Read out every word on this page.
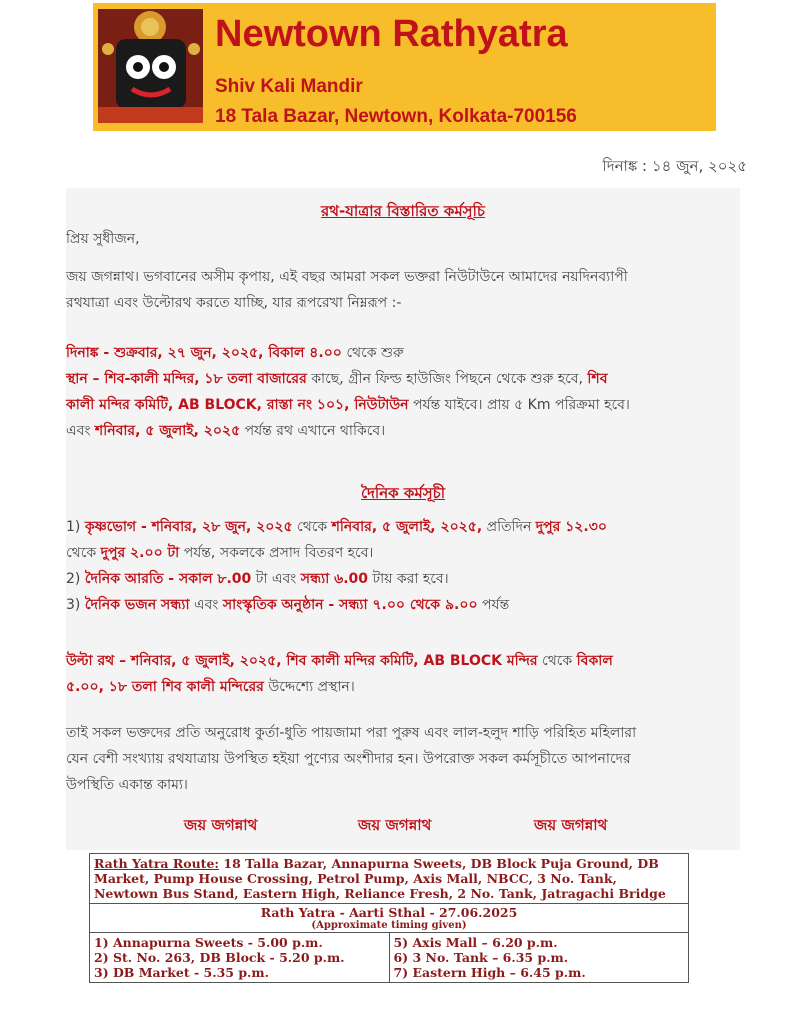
Newtown Rathyatra
Shiv Kali Mandir
18 Tala Bazar, Newtown, Kolkata-700156
দিনাঙ্ক : ১৪ জুন, ২০২৫
রথ-যাত্রার বিস্তারিত কর্মসূচি
প্রিয় সুধীজন,
জয় জগন্নাথ। ভগবানের অসীম কৃপায়, এই বছর আমরা সকল ভক্তরা নিউটাউনে আমাদের নয়দিনব্যাপী
রথযাত্রা এবং উল্টোরথ করতে যাচ্ছি, যার রূপরেখা নিম্নরূপ :-
দিনাঙ্ক - শুক্রবার, ২৭ জুন, ২০২৫, বিকাল ৪.০০ থেকে শুরু
স্থান – শিব-কালী মন্দির, ১৮ তলা বাজারের কাছে, গ্রীন ফিল্ড হাউজিং পিছনে থেকে শুরু হবে, শিব
কালী মন্দির কমিটি, AB BLOCK, রাস্তা নং ১০১, নিউটাউন পর্যন্ত যাইবে। প্রায় ৫ Km পরিক্রমা হবে।
এবং শনিবার, ৫ জুলাই, ২০২৫ পর্যন্ত রথ এখানে থাকিবে।
দৈনিক কর্মসূচী
1) কৃষ্ণভোগ - শনিবার, ২৮ জুন, ২০২৫ থেকে শনিবার, ৫ জুলাই, ২০২৫, প্রতিদিন দুপুর ১২.৩০
থেকে দুপুর ২.০০ টা পর্যন্ত, সকলকে প্রসাদ বিতরণ হবে।
2) দৈনিক আরতি - সকাল ৮.00 টা এবং সন্ধ্যা ৬.00 টায় করা হবে।
3) দৈনিক ভজন সন্ধ্যা এবং সাংস্কৃতিক অনুষ্ঠান - সন্ধ্যা ৭.০০ থেকে ৯.০০ পর্যন্ত
উল্টা রথ – শনিবার, ৫ জুলাই, ২০২৫, শিব কালী মন্দির কমিটি, AB BLOCK মন্দির থেকে বিকাল
৫.০০, ১৮ তলা শিব কালী মন্দিরের উদ্দেশ্যে প্রস্থান।
তাই সকল ভক্তদের প্রতি অনুরোধ কুর্তা-ধুতি পায়জামা পরা পুরুষ এবং লাল-হলুদ শাড়ি পরিহিত মহিলারা
যেন বেশী সংখ্যায় রথযাত্রায় উপস্থিত হইয়া পুণ্যের অংশীদার হন। উপরোক্ত সকল কর্মসূচীতে আপনাদের
উপস্থিতি একান্ত কাম্য।
জয় জগন্নাথ	জয় জগন্নাথ	জয় জগন্নাথ
Rath Yatra Route: 18 Talla Bazar, Annapurna Sweets, DB Block Puja Ground, DB Market, Pump House Crossing, Petrol Pump, Axis Mall, NBCC, 3 No. Tank, Newtown Bus Stand, Eastern High, Reliance Fresh, 2 No. Tank, Jatragachi Bridge

Rath Yatra - Aarti Sthal - 27.06.2025
(Approximate timing given)

1) Annapurna Sweets - 5.00 p.m.
2) St. No. 263, DB Block - 5.20 p.m.
3) DB Market - 5.35 p.m.

5) Axis Mall – 6.20 p.m.
6) 3 No. Tank – 6.35 p.m.
7) Eastern High – 6.45 p.m.
